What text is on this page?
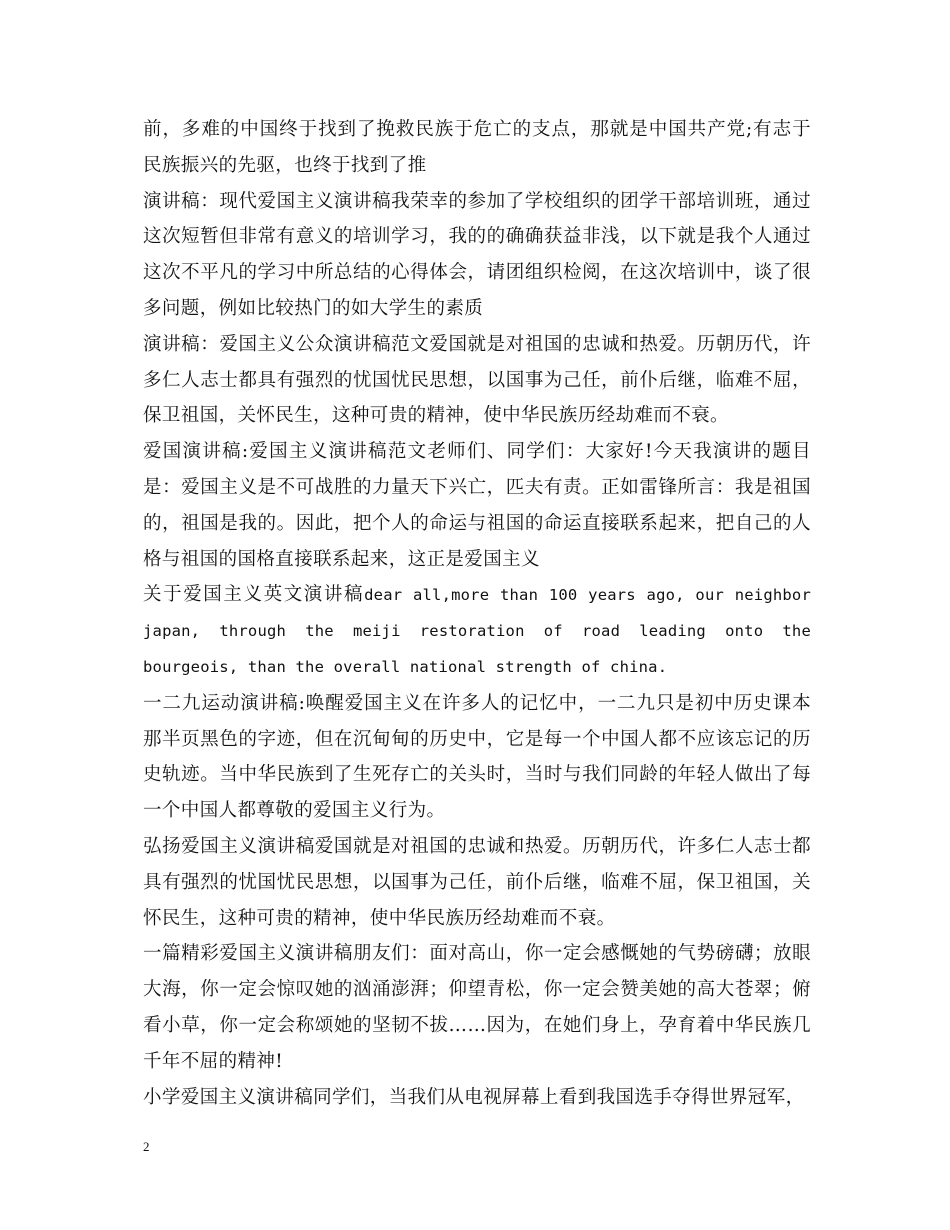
前，多难的中国终于找到了挽救民族于危亡的支点，那就是中国共产党;有志于民族振兴的先驱，也终于找到了推

演讲稿：现代爱国主义演讲稿我荣幸的参加了学校组织的团学干部培训班，通过这次短暂但非常有意义的培训学习，我的的确确获益非浅，以下就是我个人通过这次不平凡的学习中所总结的心得体会，请团组织检阅，在这次培训中，谈了很多问题，例如比较热门的如大学生的素质

演讲稿：爱国主义公众演讲稿范文爱国就是对祖国的忠诚和热爱。历朝历代，许多仁人志士都具有强烈的忧国忧民思想，以国事为己任，前仆后继，临难不屈，保卫祖国，关怀民生，这种可贵的精神，使中华民族历经劫难而不衰。

爱国演讲稿:爱国主义演讲稿范文老师们、同学们：大家好!今天我演讲的题目是：爱国主义是不可战胜的力量天下兴亡，匹夫有责。正如雷锋所言：我是祖国的，祖国是我的。因此，把个人的命运与祖国的命运直接联系起来，把自己的人格与祖国的国格直接联系起来，这正是爱国主义

关于爱国主义英文演讲稿dear all,more than 100 years ago, our neighbor japan, through the meiji restoration of road leading onto the bourgeois, than the overall national strength of china.

一二九运动演讲稿:唤醒爱国主义在许多人的记忆中，一二九只是初中历史课本那半页黑色的字迹，但在沉甸甸的历史中，它是每一个中国人都不应该忘记的历史轨迹。当中华民族到了生死存亡的关头时，当时与我们同龄的年轻人做出了每一个中国人都尊敬的爱国主义行为。

弘扬爱国主义演讲稿爱国就是对祖国的忠诚和热爱。历朝历代，许多仁人志士都具有强烈的忧国忧民思想，以国事为己任，前仆后继，临难不屈，保卫祖国，关怀民生，这种可贵的精神，使中华民族历经劫难而不衰。

一篇精彩爱国主义演讲稿朋友们：面对高山，你一定会感慨她的气势磅礴；放眼大海，你一定会惊叹她的汹涌澎湃；仰望青松，你一定会赞美她的高大苍翠；俯看小草，你一定会称颂她的坚韧不拔……因为，在她们身上，孕育着中华民族几千年不屈的精神!

小学爱国主义演讲稿同学们，当我们从电视屏幕上看到我国选手夺得世界冠军，

2
